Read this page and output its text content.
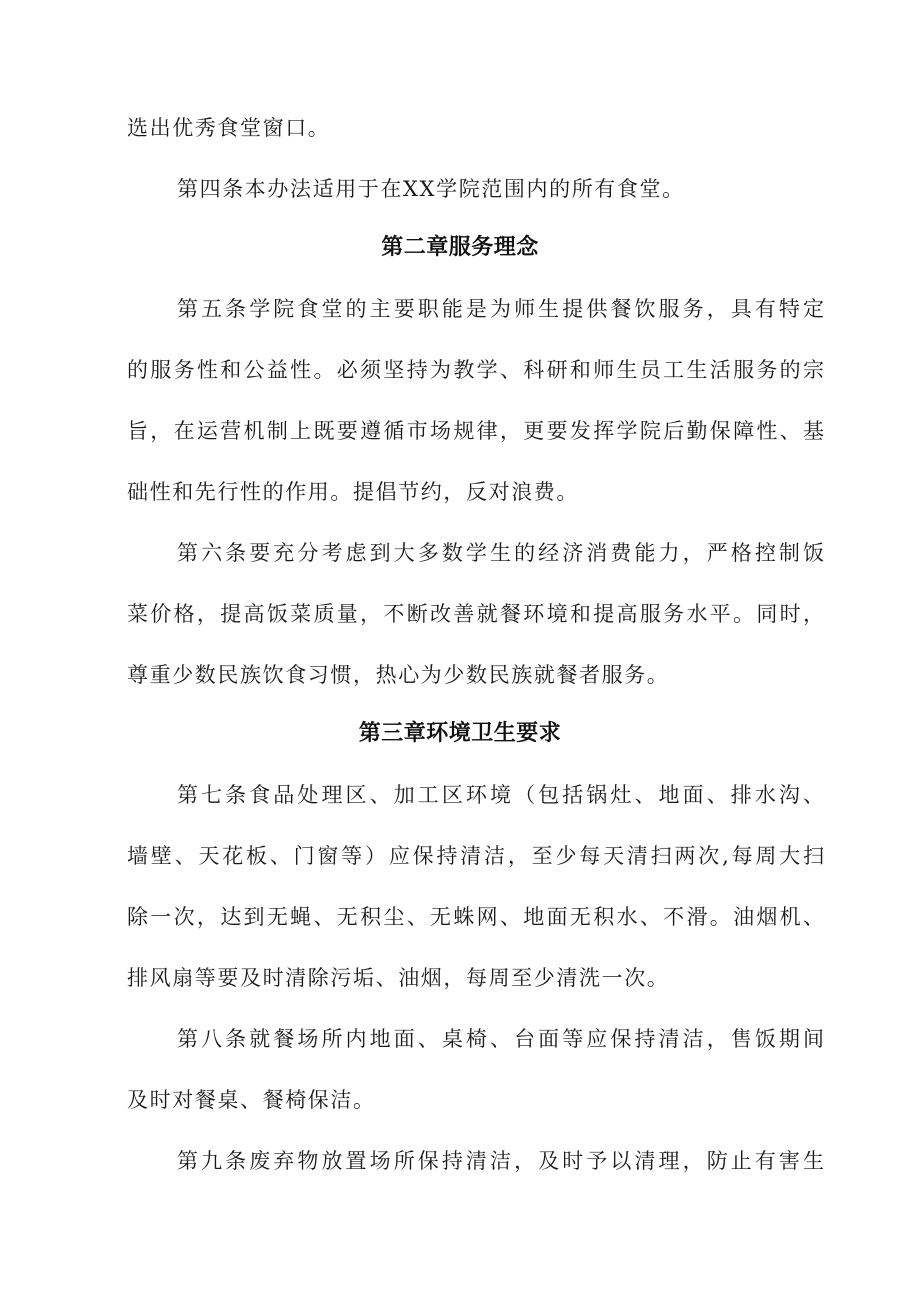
选出优秀食堂窗口。
第四条本办法适用于在XX学院范围内的所有食堂。
第二章服务理念
第五条学院食堂的主要职能是为师生提供餐饮服务，具有特定
的服务性和公益性。必须坚持为教学、科研和师生员工生活服务的宗
旨，在运营机制上既要遵循市场规律，更要发挥学院后勤保障性、基
础性和先行性的作用。提倡节约，反对浪费。
第六条要充分考虑到大多数学生的经济消费能力，严格控制饭
菜价格，提高饭菜质量，不断改善就餐环境和提高服务水平。同时，
尊重少数民族饮食习惯，热心为少数民族就餐者服务。
第三章环境卫生要求
第七条食品处理区、加工区环境（包括锅灶、地面、排水沟、
墙壁、天花板、门窗等）应保持清洁，至少每天清扫两次,每周大扫
除一次，达到无蝇、无积尘、无蛛网、地面无积水、不滑。油烟机、
排风扇等要及时清除污垢、油烟，每周至少清洗一次。
第八条就餐场所内地面、桌椅、台面等应保持清洁，售饭期间
及时对餐桌、餐椅保洁。
第九条废弃物放置场所保持清洁，及时予以清理，防止有害生
